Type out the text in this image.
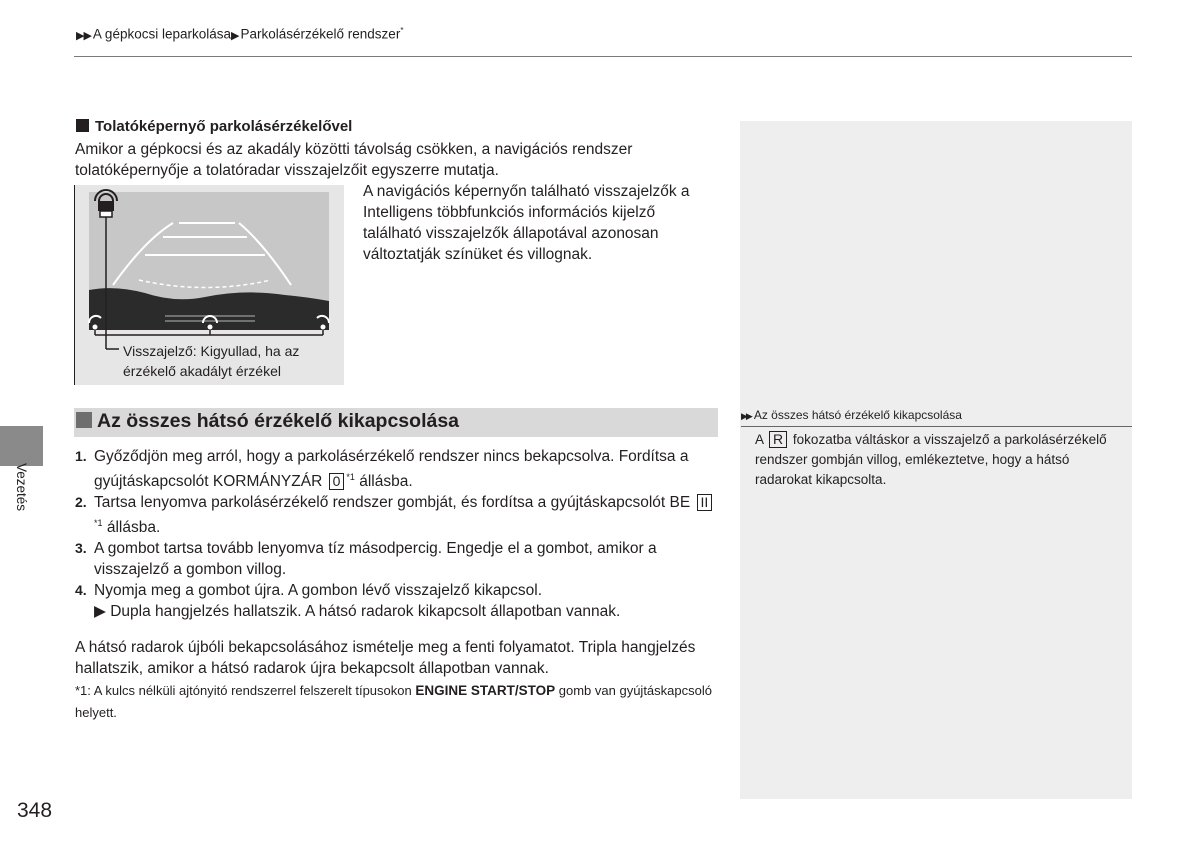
▶▶ A gépkocsi leparkolása▶ Parkolásérzékelő rendszer*
Tolatóképernyő parkolásérzékelővel
Amikor a gépkocsi és az akadály közötti távolság csökken, a navigációs rendszer tolatóképernyője a tolatóradar visszajelzőit egyszerre mutatja.
A navigációs képernyőn található visszajelzők a Intelligens többfunkciós információs kijelző található visszajelzők állapotával azonosan változtatják színüket és villognak.
Visszajelző: Kigyullad, ha az érzékelő akadályt érzékel
Az összes hátsó érzékelő kikapcsolása
1. Győződjön meg arról, hogy a parkolásérzékelő rendszer nincs bekapcsolva. Fordítsa a gyújtáskapcsolót KORMÁNYZÁR 0 $^{*1}$ állásba.
2. Tartsa lenyomva parkolásérzékelő rendszer gombját, és fordítsa a gyújtáskapcsolót BE II$^{*1}$ állásba.
3. A gombot tartsa tovább lenyomva tíz másodpercig. Engedje el a gombot, amikor a visszajelző a gombon villog.
4. Nyomja meg a gombot újra. A gombon lévő visszajelző kikapcsol.
▶ Dupla hangjelzés hallatszik. A hátsó radarok kikapcsolt állapotban vannak.
A hátsó radarok újbóli bekapcsolásához ismételje meg a fenti folyamatot. Tripla hangjelzés hallatszik, amikor a hátsó radarok újra bekapcsolt állapotban vannak.
*1: A kulcs nélküli ajtónyitó rendszerrel felszerelt típusokon ENGINE START/STOP gomb van gyújtáskapcsoló helyett.
▶▶ Az összes hátsó érzékelő kikapcsolása
A R fokozatba váltáskor a visszajelző a parkolásérzékelő rendszer gombján villog, emlékeztetve, hogy a hátsó radarokat kikapcsolta.
Vezetés
348
